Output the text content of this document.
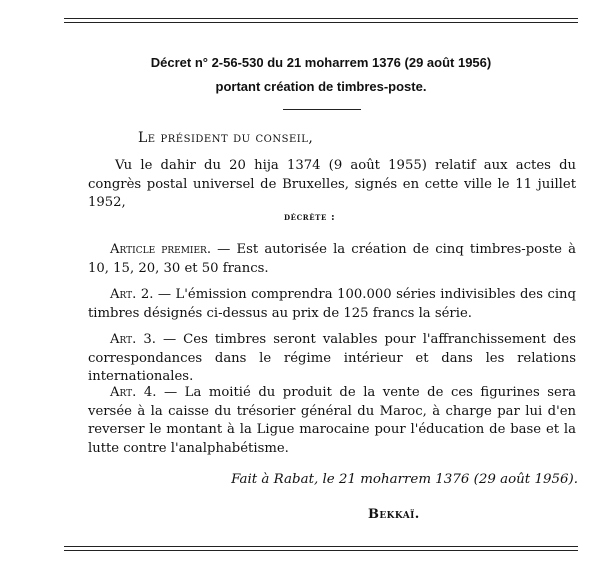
Décret n° 2-56-530 du 21 moharrem 1376 (29 août 1956)
portant création de timbres-poste.
Le président du conseil,
Vu le dahir du 20 hija 1374 (9 août 1955) relatif aux actes du congrès postal universel de Bruxelles, signés en cette ville le 11 juillet 1952,
décrète :
Article premier. — Est autorisée la création de cinq timbres-poste à 10, 15, 20, 30 et 50 francs.
Art. 2. — L'émission comprendra 100.000 séries indivisibles des cinq timbres désignés ci-dessus au prix de 125 francs la série.
Art. 3. — Ces timbres seront valables pour l'affranchissement des correspondances dans le régime intérieur et dans les relations internationales.
Art. 4. — La moitié du produit de la vente de ces figurines sera versée à la caisse du trésorier général du Maroc, à charge par lui d'en reverser le montant à la Ligue marocaine pour l'éducation de base et la lutte contre l'analphabétisme.
Fait à Rabat, le 21 moharrem 1376 (29 août 1956).
Bekkaï.
